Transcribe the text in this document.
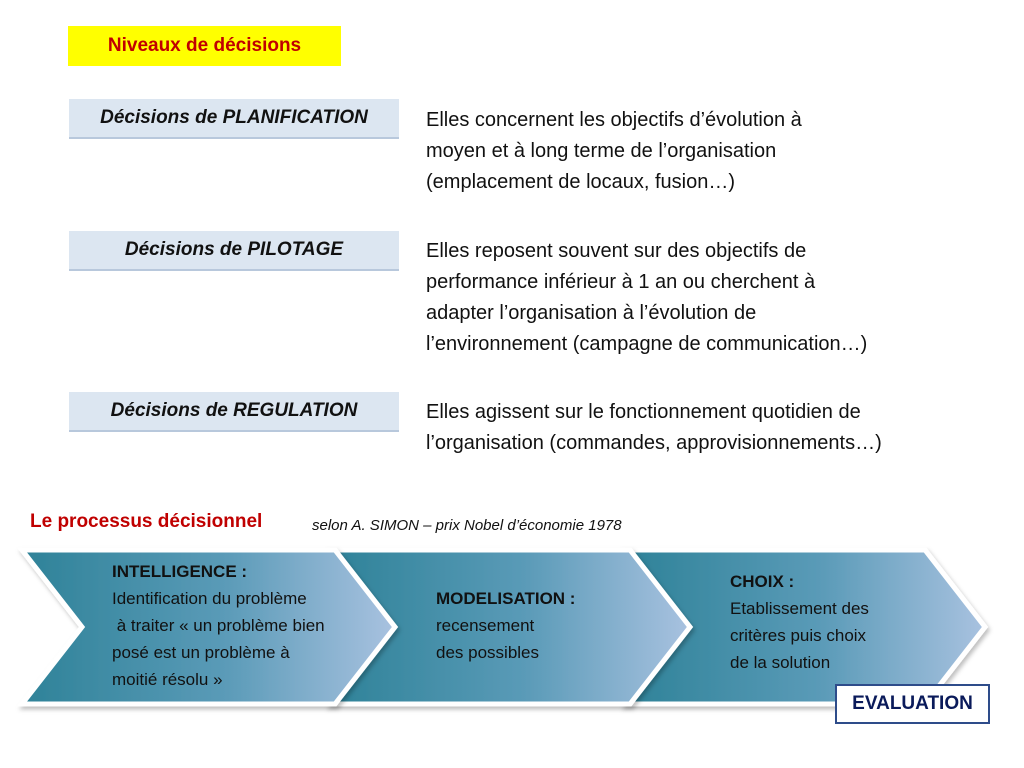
Niveaux de décisions
Décisions de PLANIFICATION	Elles concernent les objectifs d’évolution à
moyen et à long terme de l’organisation
(emplacement de locaux, fusion…)
Décisions de PILOTAGE	Elles reposent souvent sur des objectifs de
performance inférieur à 1 an ou cherchent à
adapter l’organisation à l’évolution de
l’environnement (campagne de communication…)
Décisions de REGULATION	Elles agissent sur le fonctionnement quotidien de
l’organisation (commandes, approvisionnements…)
Le processus décisionnel	selon A. SIMON – prix Nobel d’économie 1978
INTELLIGENCE :
Identification du problème
à traiter « un problème bien
posé est un problème à
moitié résolu »
MODELISATION :
recensement
des possibles
CHOIX :
Etablissement des
critères puis choix
de la solution
EVALUATION
